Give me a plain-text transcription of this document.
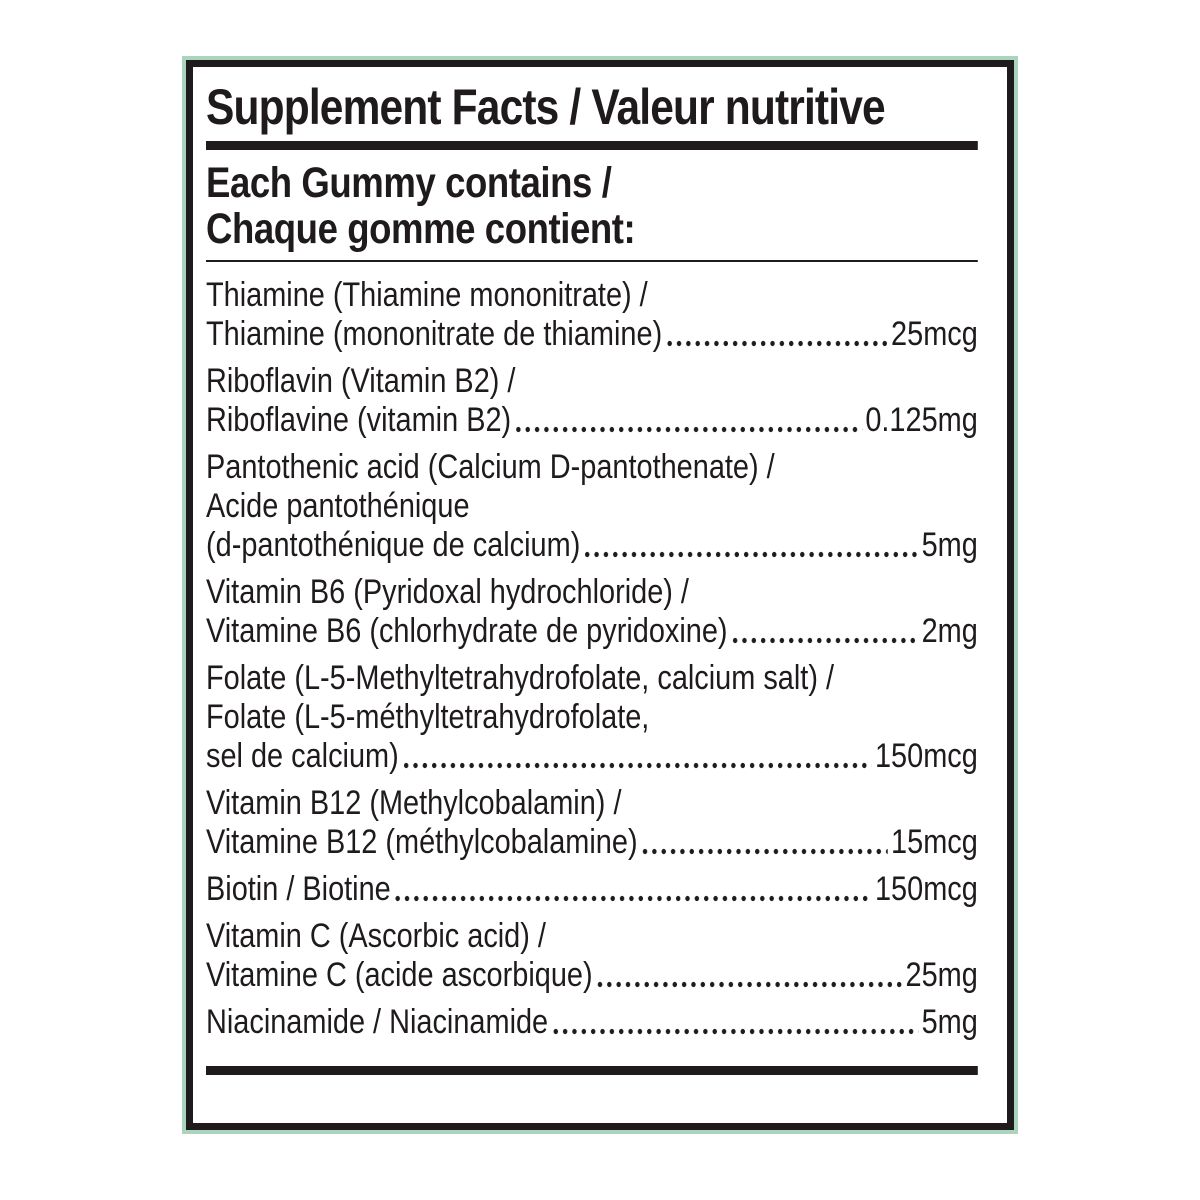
Supplement Facts / Valeur nutritive
Each Gummy contains /
Chaque gomme contient:
Thiamine (Thiamine mononitrate) /
Thiamine (mononitrate de thiamine)	25mcg
Riboflavin (Vitamin B2) /
Riboflavine (vitamin B2)	0.125mg
Pantothenic acid (Calcium D-pantothenate) /
Acide pantothénique
(d-pantothénique de calcium)	5mg
Vitamin B6 (Pyridoxal hydrochloride) /
Vitamine B6 (chlorhydrate de pyridoxine)	2mg
Folate (L-5-Methyltetrahydrofolate, calcium salt) /
Folate (L-5-méthyltetrahydrofolate,
sel de calcium)	150mcg
Vitamin B12 (Methylcobalamin) /
Vitamine B12 (méthylcobalamine)	15mcg
Biotin / Biotine	150mcg
Vitamin C (Ascorbic acid) /
Vitamine C (acide ascorbique)	25mg
Niacinamide / Niacinamide	5mg
